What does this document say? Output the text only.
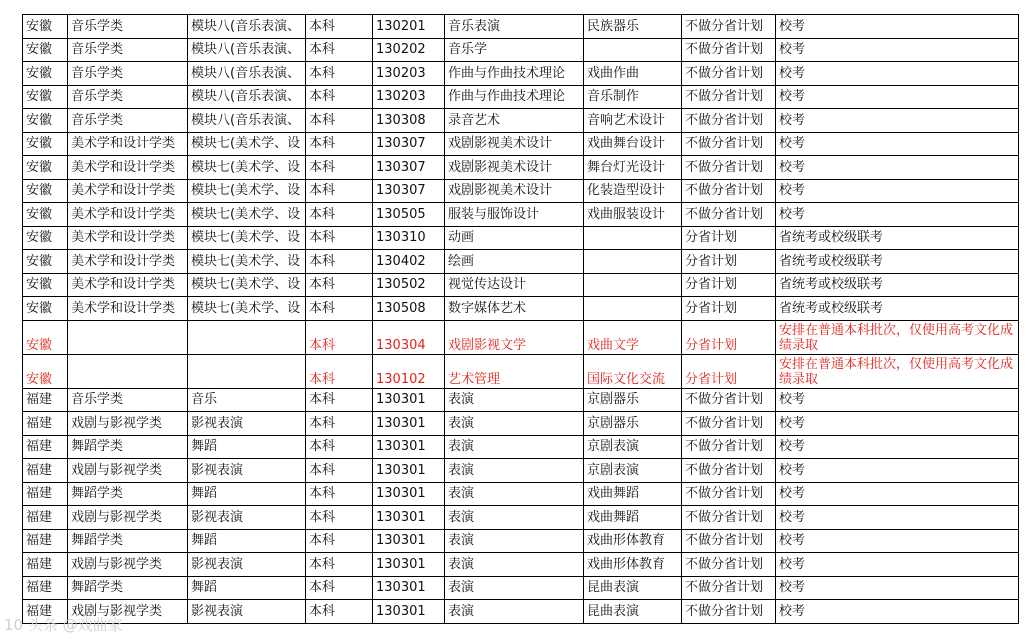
安徽	音乐学类	模块八(音乐表演、	本科	130201	音乐表演	民族器乐	不做分省计划	校考
安徽	音乐学类	模块八(音乐表演、	本科	130202	音乐学		不做分省计划	校考
安徽	音乐学类	模块八(音乐表演、	本科	130203	作曲与作曲技术理论	戏曲作曲	不做分省计划	校考
安徽	音乐学类	模块八(音乐表演、	本科	130203	作曲与作曲技术理论	音乐制作	不做分省计划	校考
安徽	音乐学类	模块八(音乐表演、	本科	130308	录音艺术	音响艺术设计	不做分省计划	校考
安徽	美术学和设计学类	模块七(美术学、设	本科	130307	戏剧影视美术设计	戏曲舞台设计	不做分省计划	校考
安徽	美术学和设计学类	模块七(美术学、设	本科	130307	戏剧影视美术设计	舞台灯光设计	不做分省计划	校考
安徽	美术学和设计学类	模块七(美术学、设	本科	130307	戏剧影视美术设计	化装造型设计	不做分省计划	校考
安徽	美术学和设计学类	模块七(美术学、设	本科	130505	服装与服饰设计	戏曲服装设计	不做分省计划	校考
安徽	美术学和设计学类	模块七(美术学、设	本科	130310	动画		分省计划	省统考或校级联考
安徽	美术学和设计学类	模块七(美术学、设	本科	130402	绘画		分省计划	省统考或校级联考
安徽	美术学和设计学类	模块七(美术学、设	本科	130502	视觉传达设计		分省计划	省统考或校级联考
安徽	美术学和设计学类	模块七(美术学、设	本科	130508	数字媒体艺术		分省计划	省统考或校级联考
安徽			本科	130304	戏剧影视文学	戏曲文学	分省计划	安排在普通本科批次，仅使用高考文化成绩录取
安徽			本科	130102	艺术管理	国际文化交流	分省计划	安排在普通本科批次，仅使用高考文化成绩录取
福建	音乐学类	音乐	本科	130301	表演	京剧器乐	不做分省计划	校考
福建	戏剧与影视学类	影视表演	本科	130301	表演	京剧器乐	不做分省计划	校考
福建	舞蹈学类	舞蹈	本科	130301	表演	京剧表演	不做分省计划	校考
福建	戏剧与影视学类	影视表演	本科	130301	表演	京剧表演	不做分省计划	校考
福建	舞蹈学类	舞蹈	本科	130301	表演	戏曲舞蹈	不做分省计划	校考
福建	戏剧与影视学类	影视表演	本科	130301	表演	戏曲舞蹈	不做分省计划	校考
福建	舞蹈学类	舞蹈	本科	130301	表演	戏曲形体教育	不做分省计划	校考
福建	戏剧与影视学类	影视表演	本科	130301	表演	戏曲形体教育	不做分省计划	校考
福建	舞蹈学类	舞蹈	本科	130301	表演	昆曲表演	不做分省计划	校考
福建	戏剧与影视学类	影视表演	本科	130301	表演	昆曲表演	不做分省计划	校考
10 头条 @戏曲家
